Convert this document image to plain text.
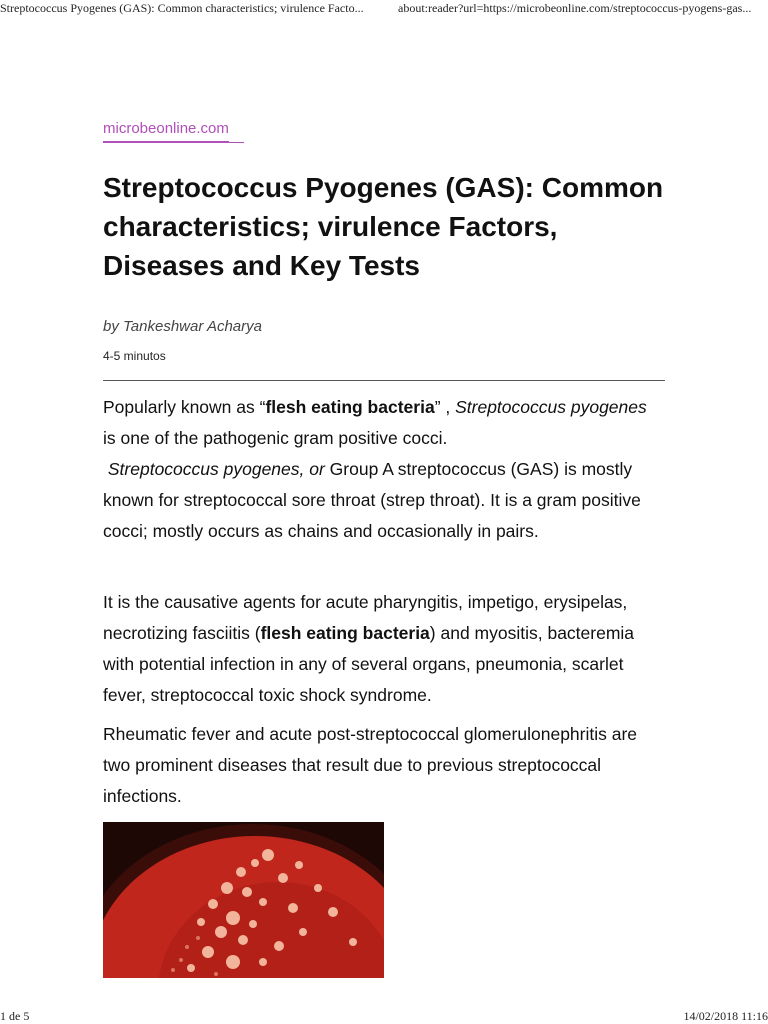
Streptococcus Pyogenes (GAS): Common characteristics; virulence Facto...	about:reader?url=https://microbeonline.com/streptococcus-pyogens-gas...
microbeonline.com
Streptococcus Pyogenes (GAS): Common characteristics; virulence Factors, Diseases and Key Tests
by Tankeshwar Acharya
4-5 minutos

Popularly known as “flesh eating bacteria” , Streptococcus pyogenes is one of the pathogenic gram positive cocci.
Streptococcus pyogenes, or Group A streptococcus (GAS) is mostly known for streptococcal sore throat (strep throat). It is a gram positive cocci; mostly occurs as chains and occasionally in pairs.

It is the causative agents for acute pharyngitis, impetigo, erysipelas, necrotizing fasciitis (flesh eating bacteria) and myositis, bacteremia with potential infection in any of several organs, pneumonia, scarlet fever, streptococcal toxic shock syndrome.

Rheumatic fever and acute post-streptococcal glomerulonephritis are two prominent diseases that result due to previous streptococcal infections.

1 de 5	14/02/2018 11:16
